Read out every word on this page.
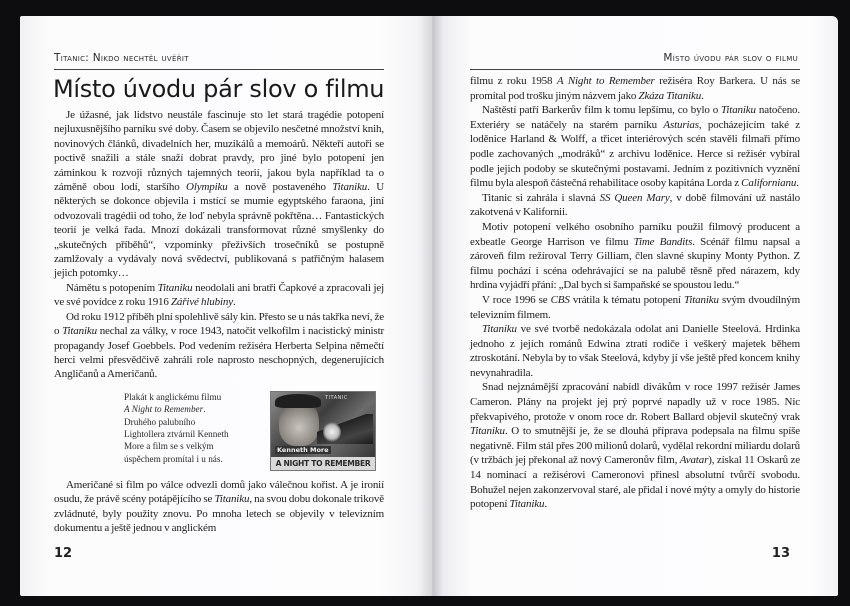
Titanic: Nikdo nechtěl uvěřit
Místo úvodu pár slov o filmu

Je úžasné, jak lidstvo neustále fascinuje sto let stará tragédie potopení nejluxusnějšího parníku své doby. Časem se objevilo nesčetné množství knih, novinových článků, divadelních her, muzikálů a memoárů. Někteří autoři se poctivě snažili a stále snaží dobrat pravdy, pro jiné bylo potopení jen záminkou k rozvoji různých tajemných teorií, jakou byla například ta o záměně obou lodí, staršího Olympiku a nově postaveného Titaniku. U některých se dokonce objevila i mstící se mumie egyptského faraona, jiní odvozovali tragédii od toho, že loď nebyla správně pokřtěna… Fantastických teorií je velká řada. Mnozí dokázali transformovat různé smyšlenky do „skutečných příběhů“, vzpomínky přeživších trosečníků se postupně zamlžovaly a vydávaly nová svědectví, publikovaná s patřičným halasem jejich potomky…

Námětu s potopením Titaniku neodolali ani bratři Čapkové a zpracovali jej ve své povídce z roku 1916 Zářivé hlubiny.

Od roku 1912 příběh plní spolehlivě sály kin. Přesto se u nás takřka neví, že o Titaniku nechal za války, v roce 1943, natočit velkofilm i nacistický ministr propagandy Josef Goebbels. Pod vedením režiséra Herberta Selpina němečtí herci velmi přesvědčivě zahráli role naprosto neschopných, degenerujících Angličanů a Američanů.

Plakát k anglickému filmu
A Night to Remember.
Druhého palubního
Lightollera ztvárnil Kenneth
More a film se s velkým
úspěchem promítal i u nás.
TITANIC
Kenneth More
A NIGHT TO REMEMBER

Američané si film po válce odvezli domů jako válečnou kořist. A je ironií osudu, že právě scény potápějícího se Titaniku, na svou dobu dokonale trikově zvládnuté, byly použity znovu. Po mnoha letech se objevily v televizním dokumentu a ještě jednou v anglickém

12
Místo úvodu pár slov o filmu

filmu z roku 1958 A Night to Remember režiséra Roy Barkera. U nás se promítal pod trošku jiným názvem jako Zkáza Titaniku.

Naštěstí patří Barkerův film k tomu lepšímu, co bylo o Titaniku natočeno. Exteriéry se natáčely na starém parníku Asturias, pocházejícím také z loděnice Harland & Wolff, a třicet interiérových scén stavěli filmaři přímo podle zachovaných „modráků“ z archivu loděnice. Herce si režisér vybíral podle jejich podoby se skutečnými postavami. Jedním z pozitivních vyznění filmu byla alespoň částečná rehabilitace osoby kapitána Lorda z Californianu.

Titanic si zahrála i slavná SS Queen Mary, v době filmování už nastálo zakotvená v Kalifornii.

Motiv potopení velkého osobního parníku použil filmový producent a exbeatle George Harrison ve filmu Time Bandits. Scénář filmu napsal a zároveň film režíroval Terry Gilliam, člen slavné skupiny Monty Python. Z filmu pochází i scéna odehrávající se na palubě těsně před nárazem, kdy hrdina vyjádří přání: „Dal bych si šampaňské se spoustou ledu.“

V roce 1996 se CBS vrátila k tématu potopení Titaniku svým dvoudílným televizním filmem.

Titaniku ve své tvorbě nedokázala odolat ani Danielle Steelová. Hrdinka jednoho z jejích románů Edwina ztratí rodiče i veškerý majetek během ztroskotání. Nebyla by to však Steelová, kdyby jí vše ještě před koncem knihy nevynahradila.

Snad nejznámější zpracování nabídl divákům v roce 1997 režisér James Cameron. Plány na projekt jej prý poprvé napadly už v roce 1985. Nic překvapivého, protože v onom roce dr. Robert Ballard objevil skutečný vrak Titaniku. O to smutnější je, že se dlouhá příprava podepsala na filmu spíše negativně. Film stál přes 200 milionů dolarů, vydělal rekordní miliardu dolarů (v tržbách jej překonal až nový Cameronův film, Avatar), získal 11 Oskarů ze 14 nominací a režisérovi Cameronovi přinesl absolutní tvůrčí svobodu. Bohužel nejen zakonzervoval staré, ale přidal i nové mýty a omyly do historie potopení Titaniku.

13
